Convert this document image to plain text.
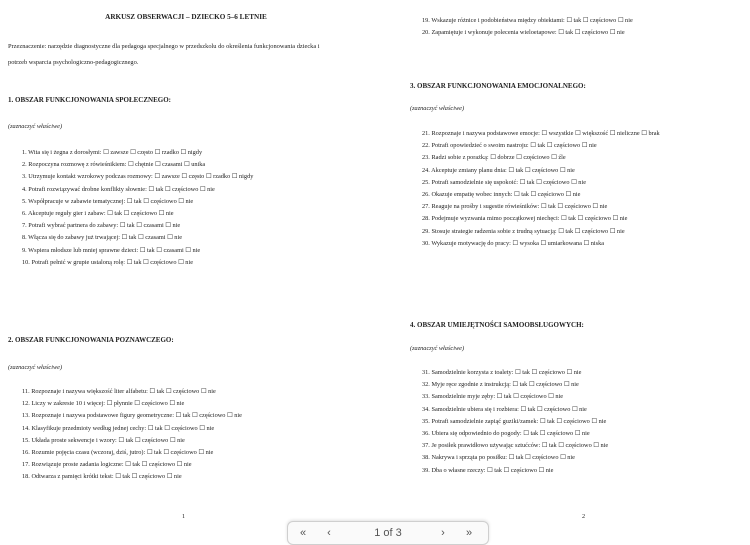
ARKUSZ OBSERWACJI – DZIECKO 5–6 LETNIE

Przeznaczenie: narzędzie diagnostyczne dla pedagoga specjalnego w przedszkolu do określenia funkcjonowania dziecka i potrzeb wsparcia psychologiczno-pedagogicznego.

1. OBSZAR FUNKCJONOWANIA SPOŁECZNEGO:

(zaznaczyć właściwe)

1. Wita się i żegna z dorosłymi: ☐ zawsze ☐ często ☐ rzadko ☐ nigdy
2. Rozpoczyna rozmowę z rówieśnikiem: ☐ chętnie ☐ czasami ☐ unika
3. Utrzymuje kontakt wzrokowy podczas rozmowy: ☐ zawsze ☐ często ☐ rzadko ☐ nigdy
4. Potrafi rozwiązywać drobne konflikty słownie: ☐ tak ☐ częściowo ☐ nie
5. Współpracuje w zabawie tematycznej: ☐ tak ☐ częściowo ☐ nie
6. Akceptuje reguły gier i zabaw: ☐ tak ☐ częściowo ☐ nie
7. Potrafi wybrać partnera do zabawy: ☐ tak ☐ czasami ☐ nie
8. Włącza się do zabawy już trwającej: ☐ tak ☐ czasami ☐ nie
9. Wspiera młodsze lub mniej sprawne dzieci: ☐ tak ☐ czasami ☐ nie
10. Potrafi pełnić w grupie ustaloną rolę: ☐ tak ☐ częściowo ☐ nie
2. OBSZAR FUNKCJONOWANIA POZNAWCZEGO:

(zaznaczyć właściwe)

11. Rozpoznaje i nazywa większość liter alfabetu: ☐ tak ☐ częściowo ☐ nie
12. Liczy w zakresie 10 i więcej: ☐ płynnie ☐ częściowo ☐ nie
13. Rozpoznaje i nazywa podstawowe figury geometryczne: ☐ tak ☐ częściowo ☐ nie
14. Klasyfikuje przedmioty według jednej cechy: ☐ tak ☐ częściowo ☐ nie
15. Układa proste sekwencje i wzory: ☐ tak ☐ częściowo ☐ nie
16. Rozumie pojęcia czasu (wczoraj, dziś, jutro): ☐ tak ☐ częściowo ☐ nie
17. Rozwiązuje proste zadania logiczne: ☐ tak ☐ częściowo ☐ nie
18. Odtwarza z pamięci krótki tekst: ☐ tak ☐ częściowo ☐ nie
1
19. Wskazuje różnice i podobieństwa między obiektami: ☐ tak ☐ częściowo ☐ nie
20. Zapamiętuje i wykonuje polecenia wieloetapowe: ☐ tak ☐ częściowo ☐ nie
3. OBSZAR FUNKCJONOWANIA EMOCJONALNEGO:

(zaznaczyć właściwe)

21. Rozpoznaje i nazywa podstawowe emocje: ☐ wszystkie ☐ większość ☐ nieliczne ☐ brak
22. Potrafi opowiedzieć o swoim nastroju: ☐ tak ☐ częściowo ☐ nie
23. Radzi sobie z porażką: ☐ dobrze ☐ częściowo ☐ źle
24. Akceptuje zmiany planu dnia: ☐ tak ☐ częściowo ☐ nie
25. Potrafi samodzielnie się uspokoić: ☐ tak ☐ częściowo ☐ nie
26. Okazuje empatię wobec innych: ☐ tak ☐ częściowo ☐ nie
27. Reaguje na prośby i sugestie rówieśników: ☐ tak ☐ częściowo ☐ nie
28. Podejmuje wyzwania mimo początkowej niechęci: ☐ tak ☐ częściowo ☐ nie
29. Stosuje strategie radzenia sobie z trudną sytuacją: ☐ tak ☐ częściowo ☐ nie
30. Wykazuje motywację do pracy: ☐ wysoka ☐ umiarkowana ☐ niska
4. OBSZAR UMIEJĘTNOŚCI SAMOOBSŁUGOWYCH:

(zaznaczyć właściwe)

31. Samodzielnie korzysta z toalety: ☐ tak ☐ częściowo ☐ nie
32. Myje ręce zgodnie z instrukcją: ☐ tak ☐ częściowo ☐ nie
33. Samodzielnie myje zęby: ☐ tak ☐ częściowo ☐ nie
34. Samodzielnie ubiera się i rozbiera: ☐ tak ☐ częściowo ☐ nie
35. Potrafi samodzielnie zapiąć guziki/zamek: ☐ tak ☐ częściowo ☐ nie
36. Ubiera się odpowiednio do pogody: ☐ tak ☐ częściowo ☐ nie
37. Je posiłek prawidłowo używając sztućców: ☐ tak ☐ częściowo ☐ nie
38. Nakrywa i sprząta po posiłku: ☐ tak ☐ częściowo ☐ nie
39. Dba o własne rzeczy: ☐ tak ☐ częściowo ☐ nie
2
«	‹	1 of 3	›	»
